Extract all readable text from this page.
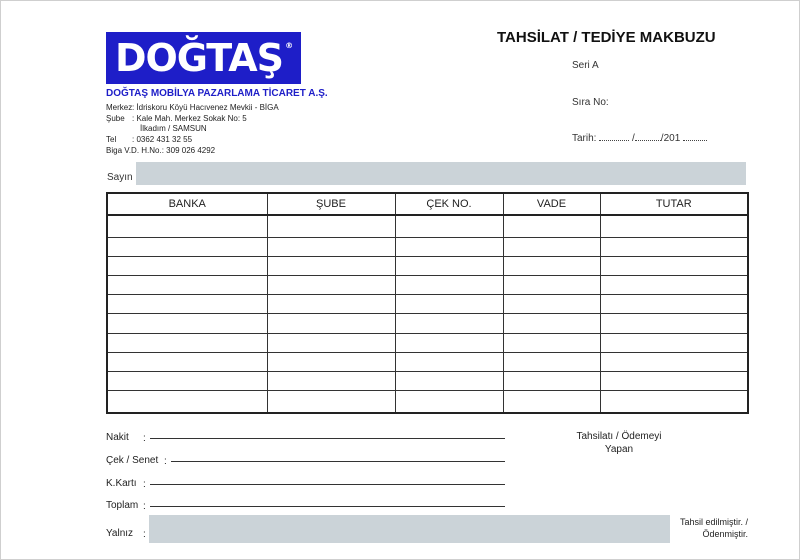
DOĞTAŞ ®
DOĞTAŞ MOBİLYA PAZARLAMA TİCARET A.Ş.
Merkez: İdriskoru Köyü Hacıvenez Mevkii - BİGA
Şube : Kale Mah. Merkez Sokak No: 5
İlkadım / SAMSUN
Tel : 0362 431 32 55
Biga V.D. H.No.: 309 026 4292
TAHSİLAT / TEDİYE MAKBUZU
Seri A
Sıra No:
Tarih:	/	/201
Sayın
BANKA	ŞUBE	ÇEK NO.	VADE	TUTAR

Nakit :
Çek / Senet :
K.Kartı :
Toplam :
Yalnız :
Tahsilatı / Ödemeyi
Yapan
Tahsil edilmiştir. /
Ödenmiştir.
